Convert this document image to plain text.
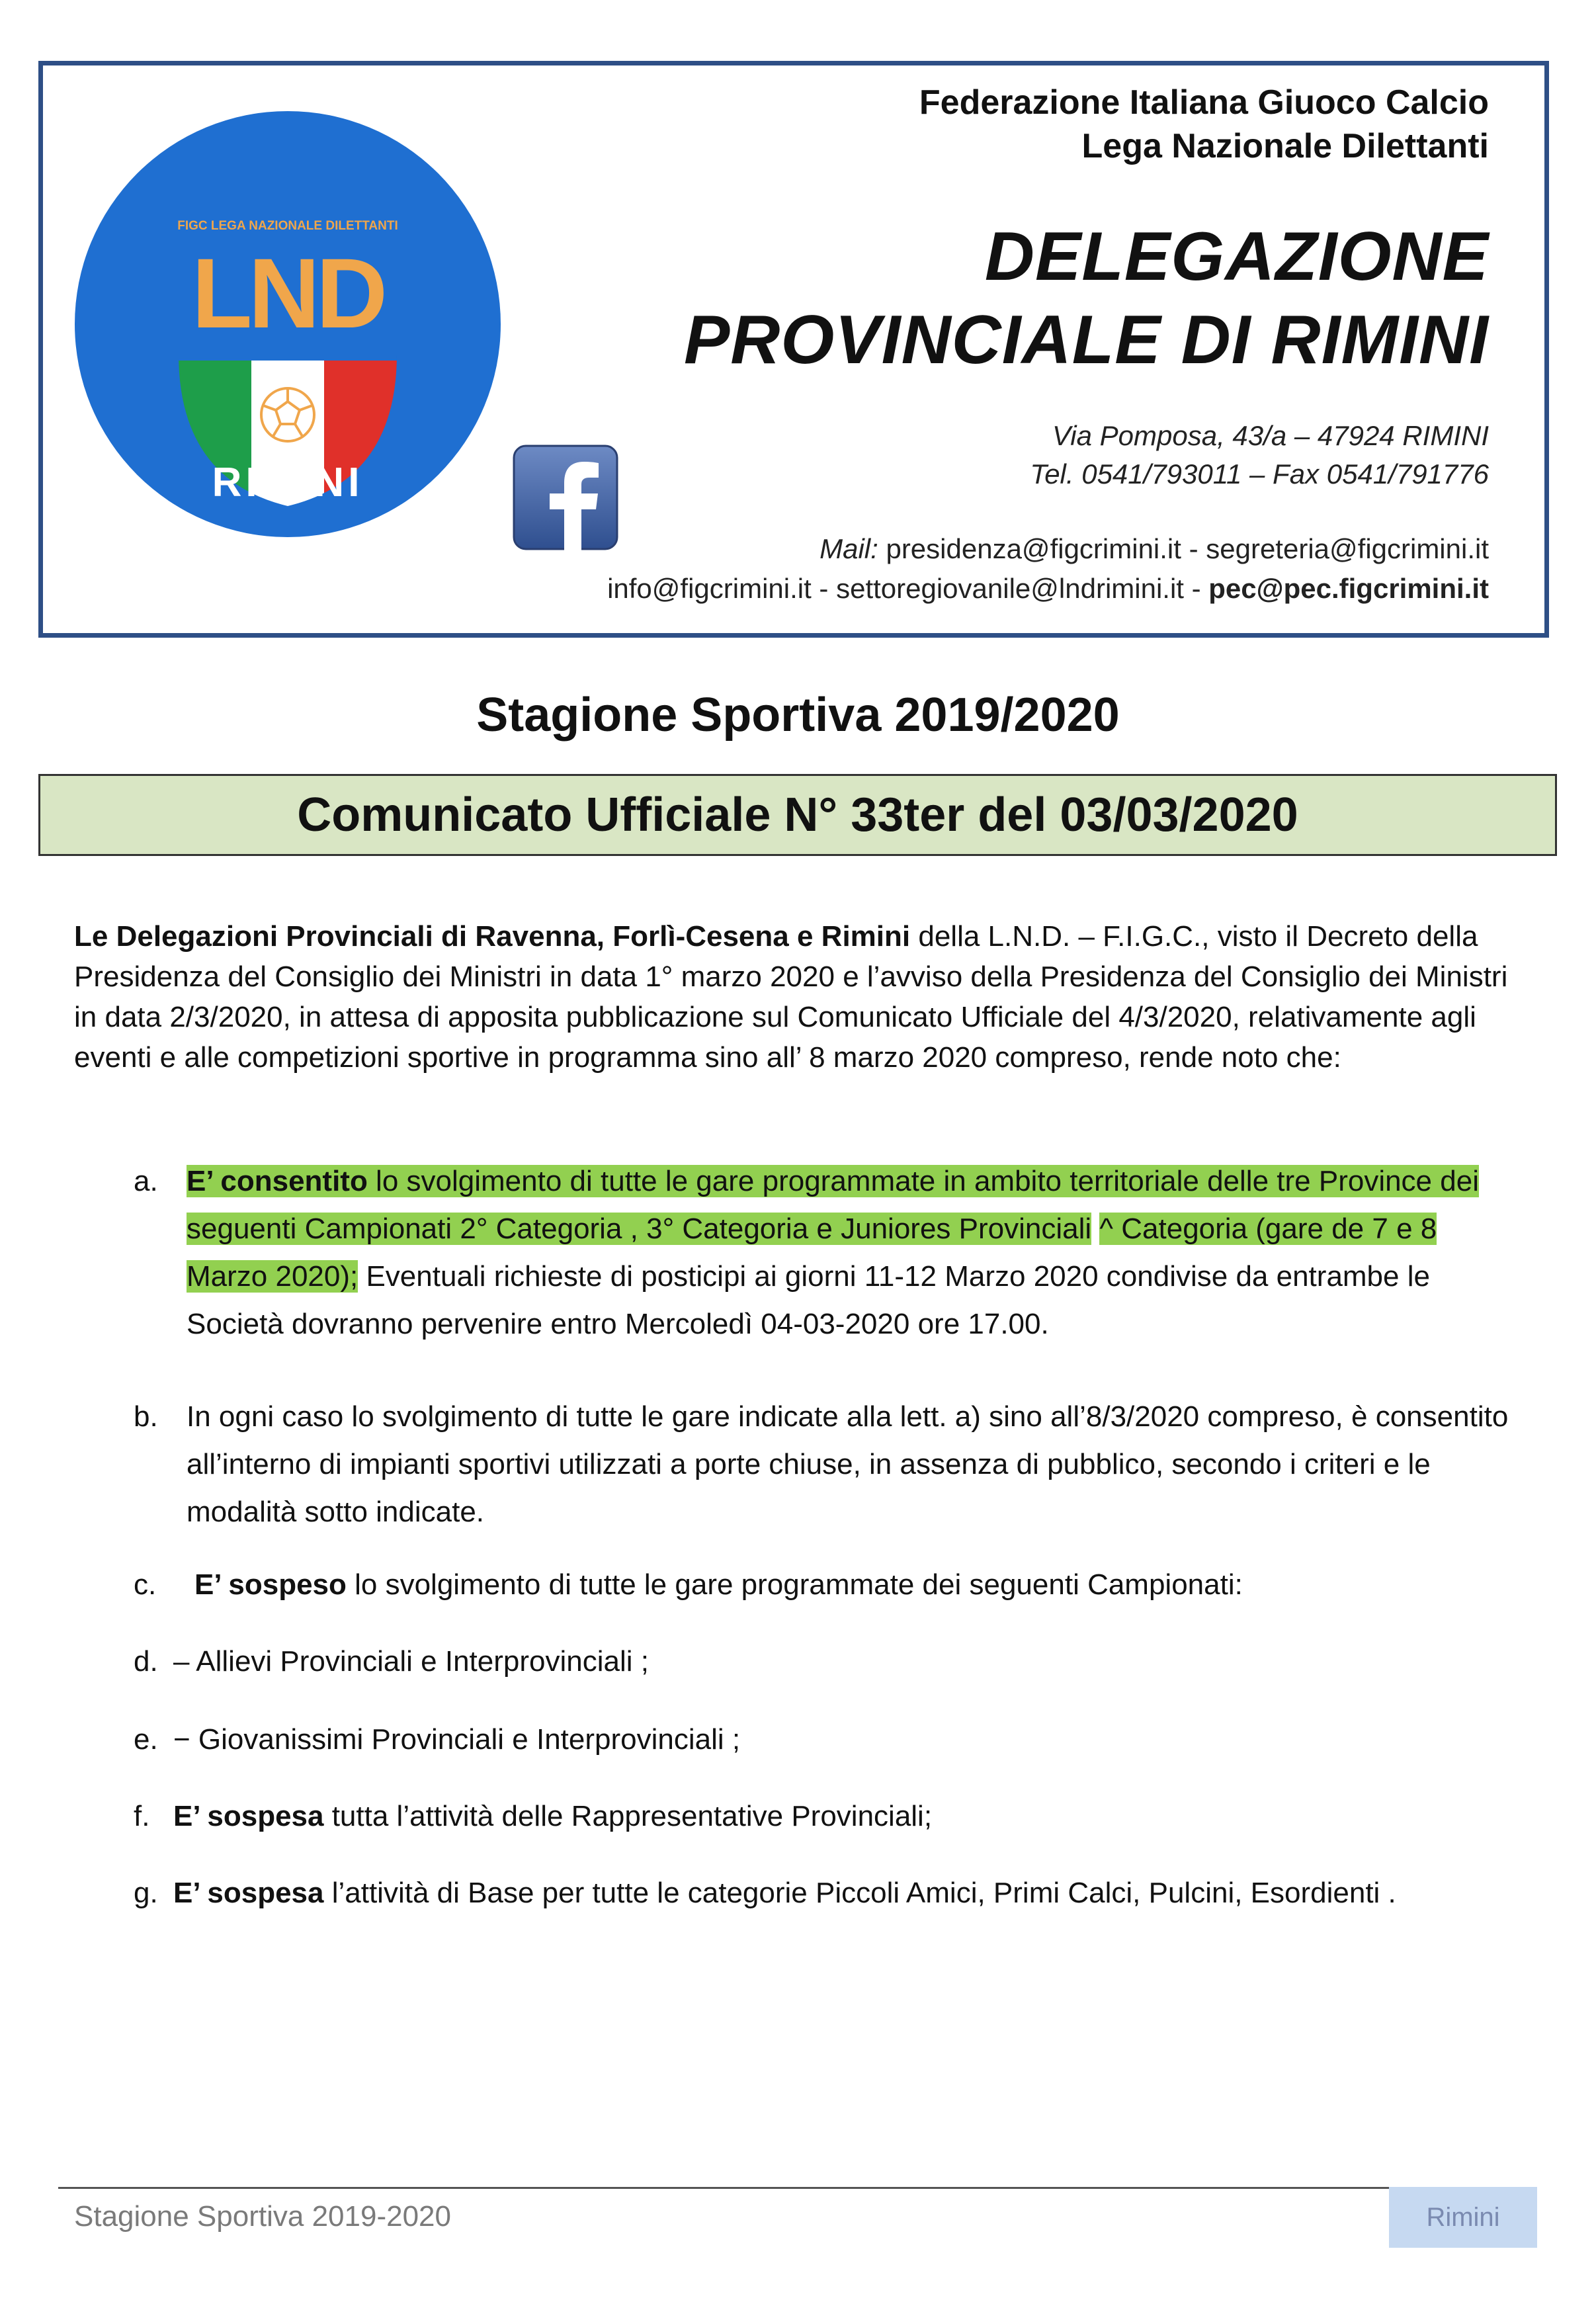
FIGC LEGA NAZIONALE DILETTANTI
LND
RIMINI
Federazione Italiana Giuoco Calcio
Lega Nazionale Dilettanti
DELEGAZIONE
PROVINCIALE DI RIMINI
Via Pomposa, 43/a – 47924 RIMINI
Tel. 0541/793011 – Fax 0541/791776
Mail: presidenza@figcrimini.it - segreteria@figcrimini.it
info@figcrimini.it - settoregiovanile@lndrimini.it - pec@pec.figcrimini.it
Stagione Sportiva 2019/2020
Comunicato Ufficiale N° 33ter del 03/03/2020
Le Delegazioni Provinciali di Ravenna, Forlì-Cesena e Rimini della L.N.D. – F.I.G.C., visto il Decreto della Presidenza del Consiglio dei Ministri in data 1° marzo 2020 e l’avviso della Presidenza del Consiglio dei Ministri in data 2/3/2020, in attesa di apposita pubblicazione sul Comunicato Ufficiale del 4/3/2020, relativamente agli eventi e alle competizioni sportive in programma sino all’ 8 marzo 2020 compreso, rende noto che:
a. E’ consentito lo svolgimento di tutte le gare programmate in ambito territoriale delle tre Province dei seguenti Campionati 2° Categoria , 3° Categoria e Juniores Provinciali ^ Categoria (gare de 7 e 8 Marzo 2020); Eventuali richieste di posticipi ai giorni 11-12 Marzo 2020 condivise da entrambe le Società dovranno pervenire entro Mercoledì 04-03-2020 ore 17.00.
b. In ogni caso lo svolgimento di tutte le gare indicate alla lett. a) sino all’8/3/2020 compreso, è consentito all’interno di impianti sportivi utilizzati a porte chiuse, in assenza di pubblico, secondo i criteri e le modalità sotto indicate.
c.	E’ sospeso lo svolgimento di tutte le gare programmate dei seguenti Campionati:
d. – Allievi Provinciali e Interprovinciali ;
e. − Giovanissimi Provinciali e Interprovinciali ;
f. E’ sospesa tutta l’attività delle Rappresentative Provinciali;
g. E’ sospesa l’attività di Base per tutte le categorie Piccoli Amici, Primi Calci, Pulcini, Esordienti .
Stagione Sportiva 2019-2020	Rimini
